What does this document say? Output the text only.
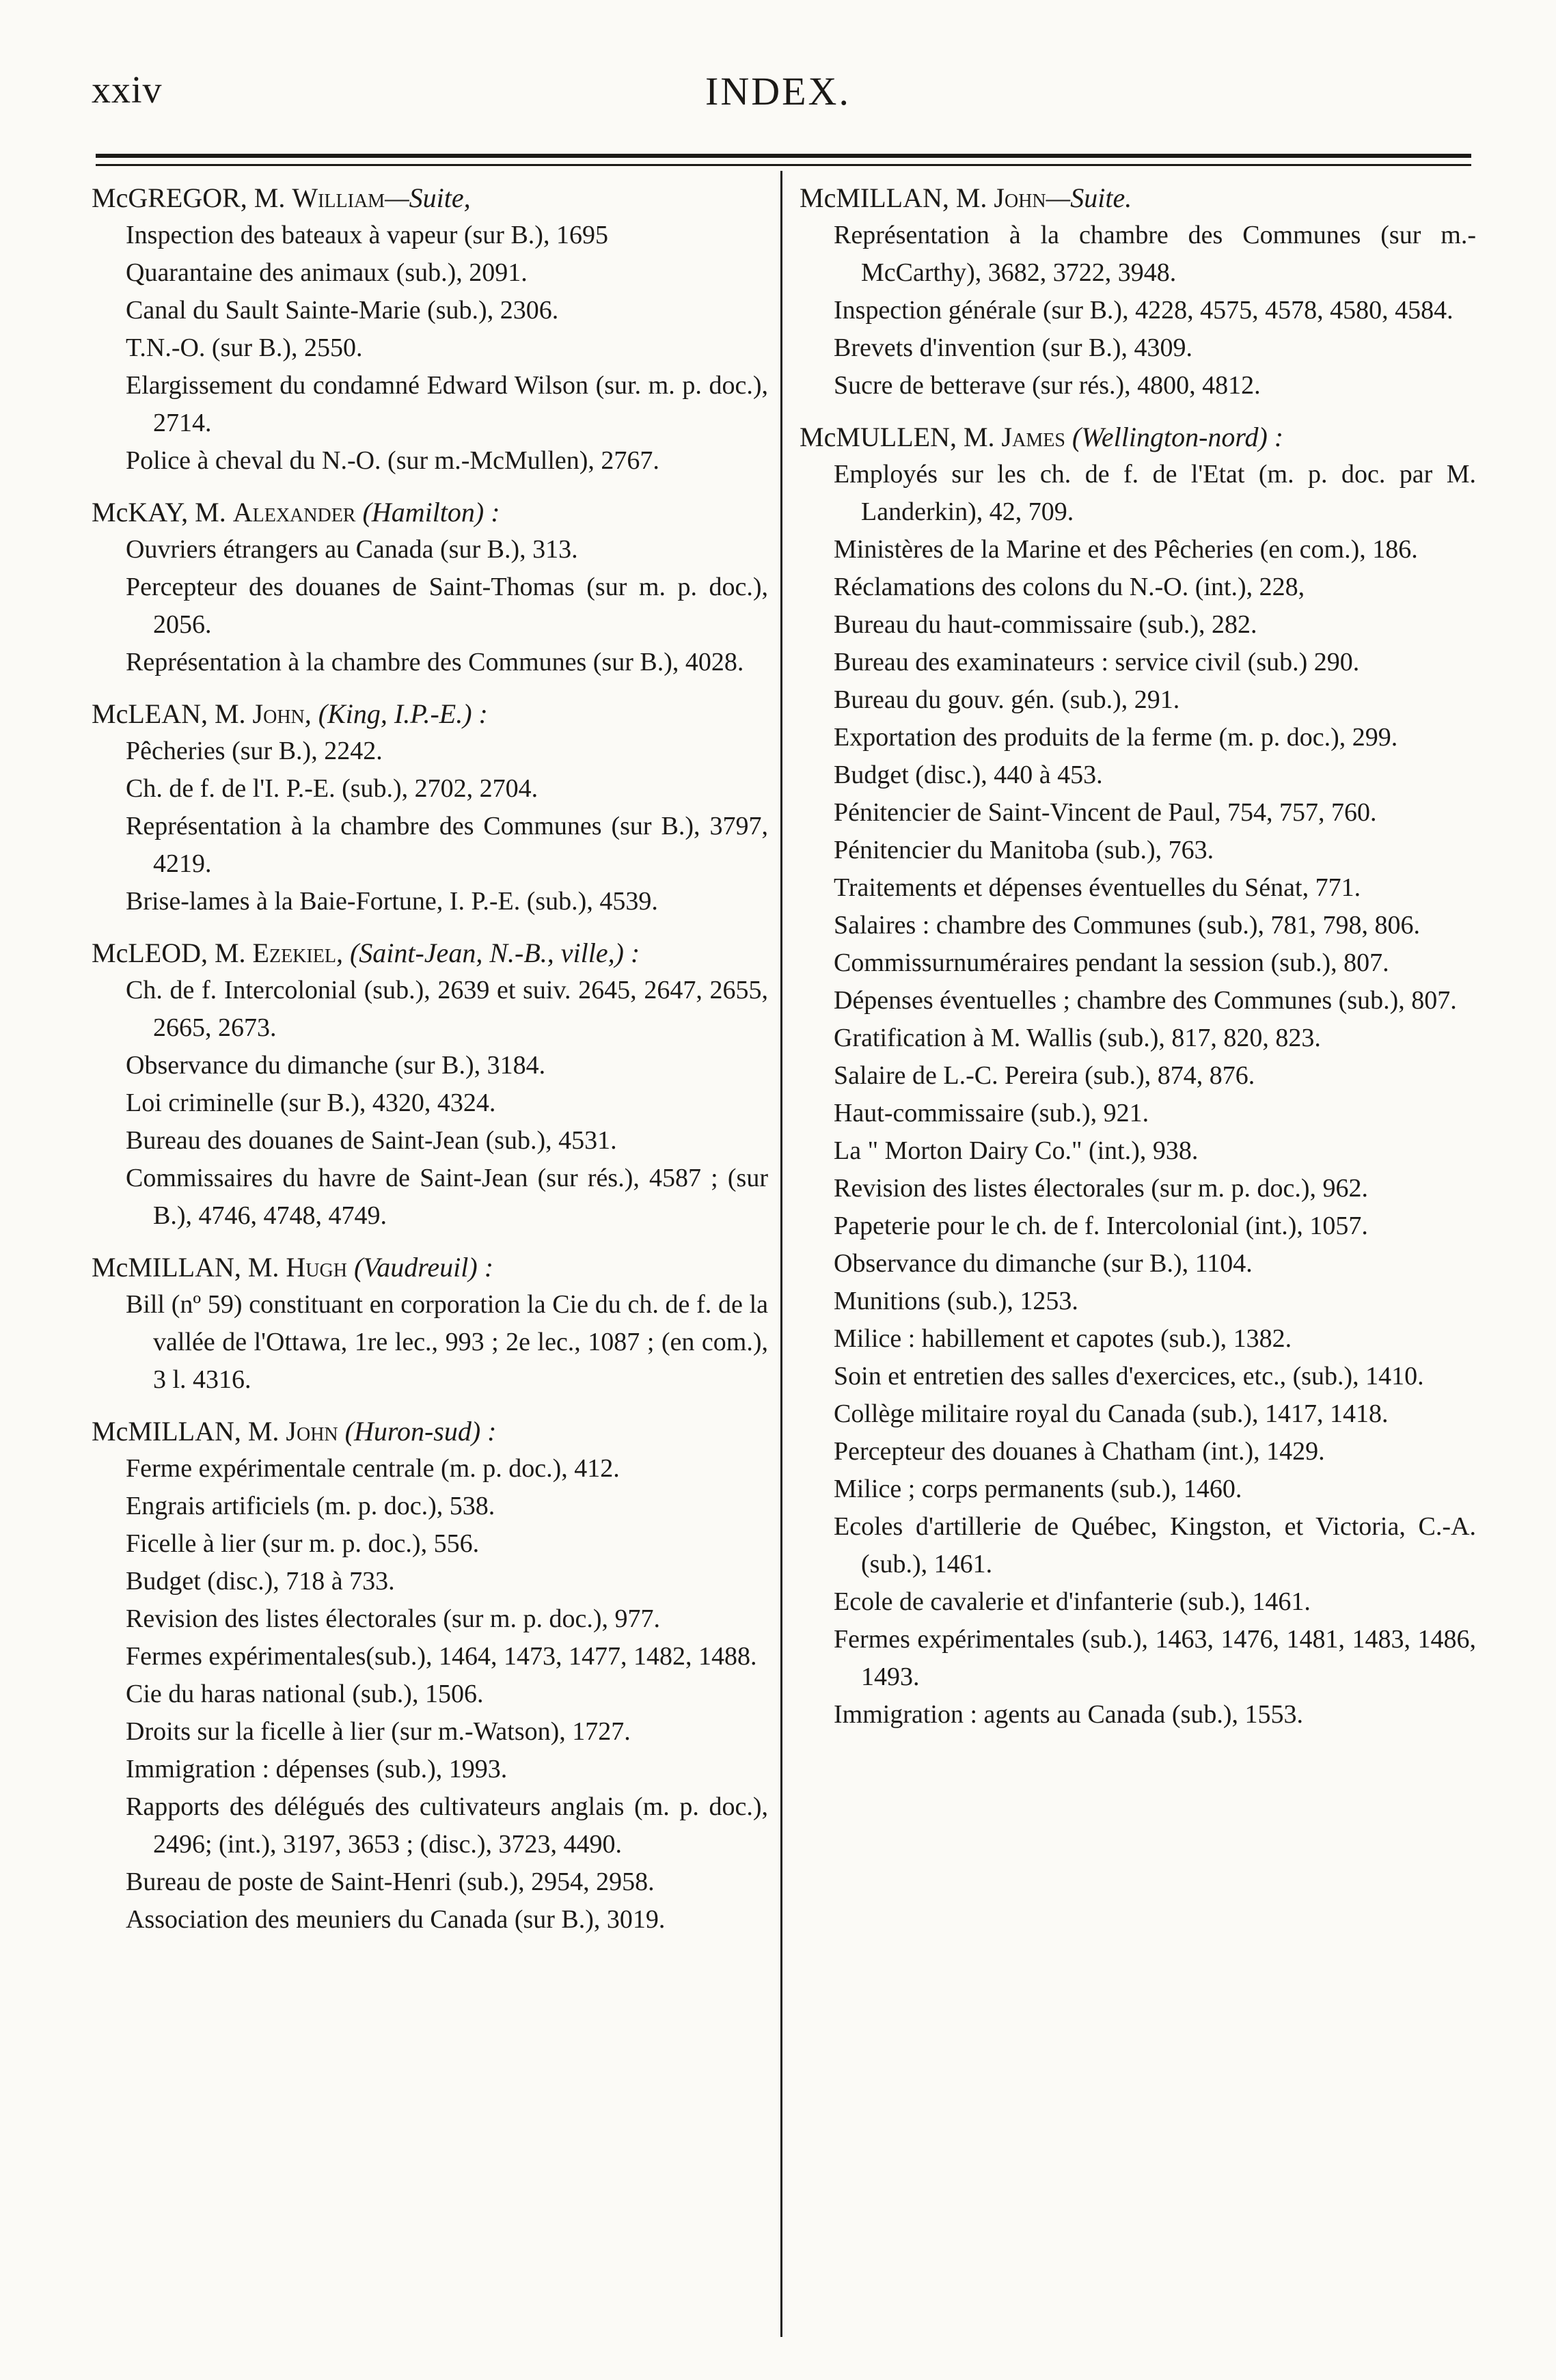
xxiv	INDEX.
McGREGOR, M. William—Suite,
Inspection des bateaux à vapeur (sur B.), 1695
Quarantaine des animaux (sub.), 2091.
Canal du Sault Sainte-Marie (sub.), 2306.
T.N.-O. (sur B.), 2550.
Elargissement du condamné Edward Wilson (sur. m. p. doc.), 2714.
Police à cheval du N.-O. (sur m.-McMullen), 2767.
McKAY, M. Alexander (Hamilton) :
Ouvriers étrangers au Canada (sur B.), 313.
Percepteur des douanes de Saint-Thomas (sur m. p. doc.), 2056.
Représentation à la chambre des Communes (sur B.), 4028.
McLEAN, M. John, (King, I.P.-E.) :
Pêcheries (sur B.), 2242.
Ch. de f. de l'I. P.-E. (sub.), 2702, 2704.
Représentation à la chambre des Communes (sur B.), 3797, 4219.
Brise-lames à la Baie-Fortune, I. P.-E. (sub.), 4539.
McLEOD, M. Ezekiel, (Saint-Jean, N.-B., ville,) :
Ch. de f. Intercolonial (sub.), 2639 et suiv. 2645, 2647, 2655, 2665, 2673.
Observance du dimanche (sur B.), 3184.
Loi criminelle (sur B.), 4320, 4324.
Bureau des douanes de Saint-Jean (sub.), 4531.
Commissaires du havre de Saint-Jean (sur rés.), 4587 ; (sur B.), 4746, 4748, 4749.
McMILLAN, M. Hugh (Vaudreuil) :
Bill (nº 59) constituant en corporation la Cie du ch. de f. de la vallée de l'Ottawa, 1re lec., 993 ; 2e lec., 1087 ; (en com.), 3 l. 4316.
McMILLAN, M. John (Huron-sud) :
Ferme expérimentale centrale (m. p. doc.), 412.
Engrais artificiels (m. p. doc.), 538.
Ficelle à lier (sur m. p. doc.), 556.
Budget (disc.), 718 à 733.
Revision des listes électorales (sur m. p. doc.), 977.
Fermes expérimentales(sub.), 1464, 1473, 1477, 1482, 1488.
Cie du haras national (sub.), 1506.
Droits sur la ficelle à lier (sur m.-Watson), 1727.
Immigration : dépenses (sub.), 1993.
Rapports des délégués des cultivateurs anglais (m. p. doc.), 2496; (int.), 3197, 3653 ; (disc.), 3723, 4490.
Bureau de poste de Saint-Henri (sub.), 2954, 2958.
Association des meuniers du Canada (sur B.), 3019.
McMILLAN, M. John—Suite.
Représentation à la chambre des Communes (sur m.-McCarthy), 3682, 3722, 3948.
Inspection générale (sur B.), 4228, 4575, 4578, 4580, 4584.
Brevets d'invention (sur B.), 4309.
Sucre de betterave (sur rés.), 4800, 4812.
McMULLEN, M. James (Wellington-nord) :
Employés sur les ch. de f. de l'Etat (m. p. doc. par M. Landerkin), 42, 709.
Ministères de la Marine et des Pêcheries (en com.), 186.
Réclamations des colons du N.-O. (int.), 228,
Bureau du haut-commissaire (sub.), 282.
Bureau des examinateurs : service civil (sub.) 290.
Bureau du gouv. gén. (sub.), 291.
Exportation des produits de la ferme (m. p. doc.), 299.
Budget (disc.), 440 à 453.
Pénitencier de Saint-Vincent de Paul, 754, 757, 760.
Pénitencier du Manitoba (sub.), 763.
Traitements et dépenses éventuelles du Sénat, 771.
Salaires : chambre des Communes (sub.), 781, 798, 806.
Commissurnuméraires pendant la session (sub.), 807.
Dépenses éventuelles ; chambre des Communes (sub.), 807.
Gratification à M. Wallis (sub.), 817, 820, 823.
Salaire de L.-C. Pereira (sub.), 874, 876.
Haut-commissaire (sub.), 921.
La " Morton Dairy Co." (int.), 938.
Revision des listes électorales (sur m. p. doc.), 962.
Papeterie pour le ch. de f. Intercolonial (int.), 1057.
Observance du dimanche (sur B.), 1104.
Munitions (sub.), 1253.
Milice : habillement et capotes (sub.), 1382.
Soin et entretien des salles d'exercices, etc., (sub.), 1410.
Collège militaire royal du Canada (sub.), 1417, 1418.
Percepteur des douanes à Chatham (int.), 1429.
Milice ; corps permanents (sub.), 1460.
Ecoles d'artillerie de Québec, Kingston, et Victoria, C.-A. (sub.), 1461.
Ecole de cavalerie et d'infanterie (sub.), 1461.
Fermes expérimentales (sub.), 1463, 1476, 1481, 1483, 1486, 1493.
Immigration : agents au Canada (sub.), 1553.
